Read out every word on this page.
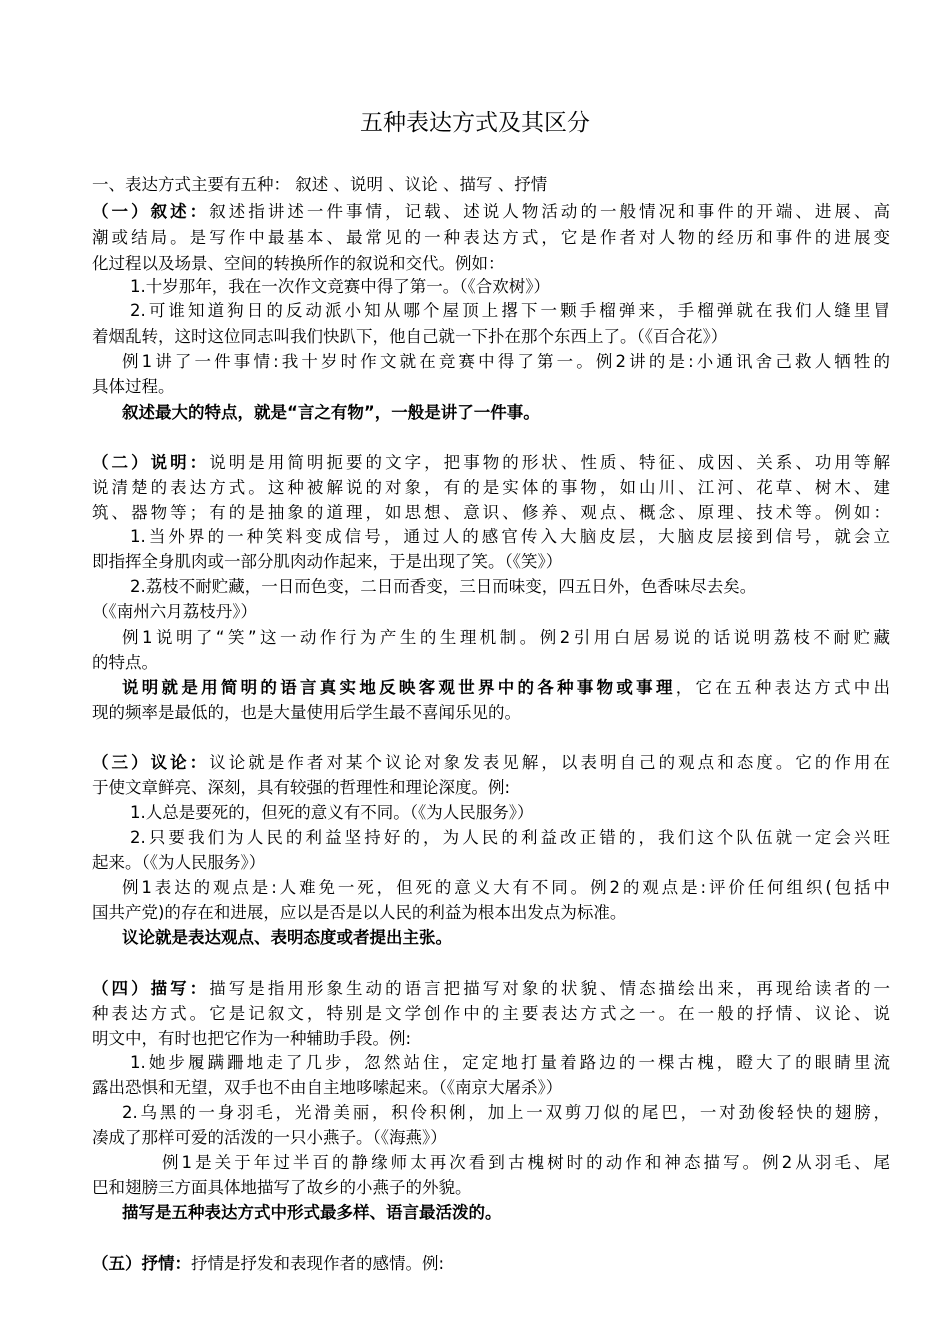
五种表达方式及其区分
一、表达方式主要有五种： 叙述 、说明 、议论 、描写 、抒情
（一）叙述：叙述指讲述一件事情，记载、述说人物活动的一般情况和事件的开端、进展、高
潮或结局。是写作中最基本、最常见的一种表达方式，它是作者对人物的经历和事件的进展变
化过程以及场景、空间的转换所作的叙说和交代。例如：
1.十岁那年，我在一次作文竞赛中得了第一。（《合欢树》）
2.可谁知道狗日的反动派小知从哪个屋顶上撂下一颗手榴弹来，手榴弹就在我们人缝里冒
着烟乱转，这时这位同志叫我们快趴下，他自己就一下扑在那个东西上了。（《百合花》）
例1讲了一件事情:我十岁时作文就在竞赛中得了第一。例2讲的是:小通讯舍己救人牺牲的
具体过程。
叙述最大的特点，就是“言之有物”，一般是讲了一件事。
（二）说明：说明是用简明扼要的文字，把事物的形状、性质、特征、成因、关系、功用等解
说清楚的表达方式。这种被解说的对象，有的是实体的事物，如山川、江河、花草、树木、建
筑、器物等；有的是抽象的道理，如思想、意识、修养、观点、概念、原理、技术等。例如：
1.当外界的一种笑料变成信号，通过人的感官传入大脑皮层，大脑皮层接到信号，就会立
即指挥全身肌肉或一部分肌肉动作起来，于是出现了笑。（《笑》）
2.荔枝不耐贮藏，一日而色变，二日而香变，三日而味变，四五日外，色香味尽去矣。
（《南州六月荔枝丹》）
例1说明了“笑”这一动作行为产生的生理机制。例2引用白居易说的话说明荔枝不耐贮藏
的特点。
说明就是用简明的语言真实地反映客观世界中的各种事物或事理，它在五种表达方式中出
现的频率是最低的，也是大量使用后学生最不喜闻乐见的。
（三）议论：议论就是作者对某个议论对象发表见解，以表明自己的观点和态度。它的作用在
于使文章鲜亮、深刻，具有较强的哲理性和理论深度。例:
1.人总是要死的，但死的意义有不同。（《为人民服务》）
2.只要我们为人民的利益坚持好的，为人民的利益改正错的，我们这个队伍就一定会兴旺
起来。（《为人民服务》）
例1表达的观点是:人难免一死，但死的意义大有不同。例2的观点是:评价任何组织(包括中
国共产党)的存在和进展，应以是否是以人民的利益为根本出发点为标准。
议论就是表达观点、表明态度或者提出主张。
（四）描写：描写是指用形象生动的语言把描写对象的状貌、情态描绘出来，再现给读者的一
种表达方式。它是记叙文，特别是文学创作中的主要表达方式之一。在一般的抒情、议论、说
明文中，有时也把它作为一种辅助手段。例:
1.她步履蹒跚地走了几步，忽然站住，定定地打量着路边的一棵古槐，瞪大了的眼睛里流
露出恐惧和无望，双手也不由自主地哆嗦起来。（《南京大屠杀》）
2.乌黑的一身羽毛，光滑美丽，积伶积俐，加上一双剪刀似的尾巴，一对劲俊轻快的翅膀，
凑成了那样可爱的活泼的一只小燕子。（《海燕》）
例1是关于年过半百的静缘师太再次看到古槐树时的动作和神态描写。例2从羽毛、尾
巴和翅膀三方面具体地描写了故乡的小燕子的外貌。
描写是五种表达方式中形式最多样、语言最活泼的。
（五）抒情：抒情是抒发和表现作者的感情。例:
